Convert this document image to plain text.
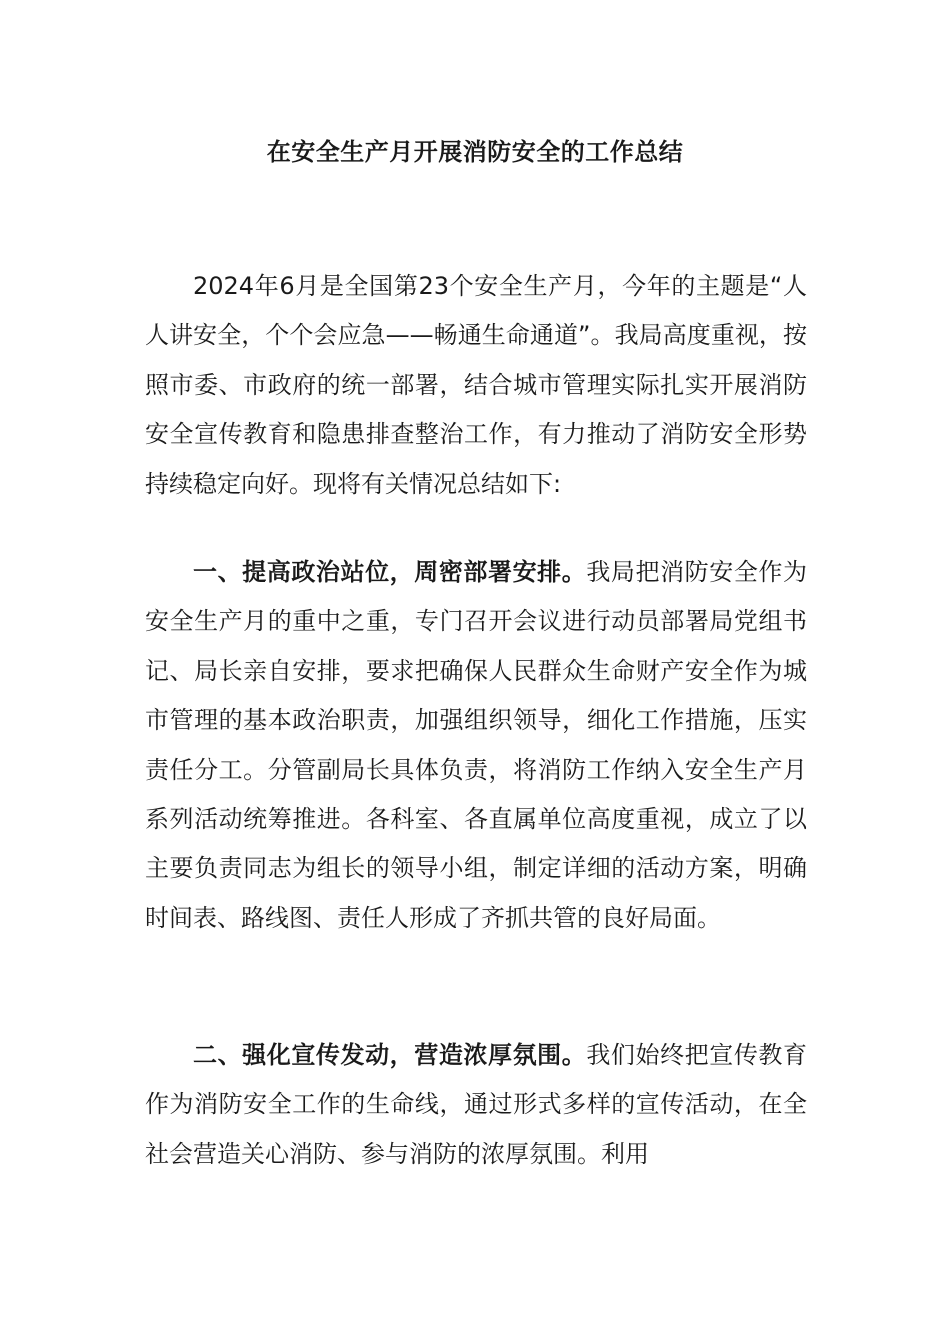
在安全生产月开展消防安全的工作总结

2024年6月是全国第23个安全生产月，今年的主题是“人人讲安全，个个会应急——畅通生命通道”。我局高度重视，按照市委、市政府的统一部署，结合城市管理实际扎实开展消防安全宣传教育和隐患排查整治工作，有力推动了消防安全形势持续稳定向好。现将有关情况总结如下:

一、提高政治站位，周密部署安排。我局把消防安全作为安全生产月的重中之重，专门召开会议进行动员部署局党组书记、局长亲自安排，要求把确保人民群众生命财产安全作为城市管理的基本政治职责，加强组织领导，细化工作措施，压实责任分工。分管副局长具体负责，将消防工作纳入安全生产月系列活动统筹推进。各科室、各直属单位高度重视，成立了以主要负责同志为组长的领导小组，制定详细的活动方案，明确时间表、路线图、责任人形成了齐抓共管的良好局面。

二、强化宣传发动，营造浓厚氛围。我们始终把宣传教育作为消防安全工作的生命线，通过形式多样的宣传活动，在全社会营造关心消防、参与消防的浓厚氛围。利用
